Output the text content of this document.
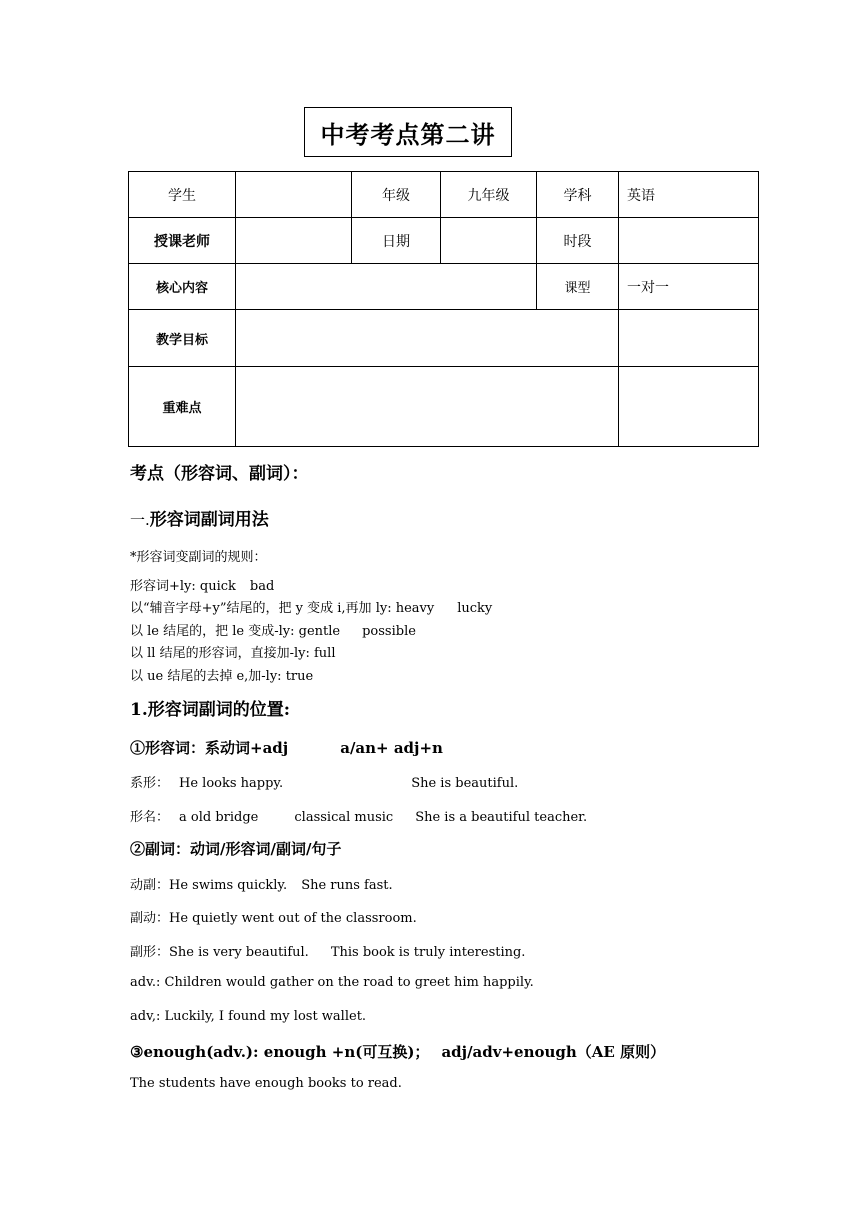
中考考点第二讲
学生		年级	九年级	学科	英语
授课老师		日期		时段	
核心内容				课型	一对一
教学目标					
重难点					
考点（形容词、副词）：
一.形容词副词用法
*形容词变副词的规则：
形容词+ly: quick bad
以“辅音字母+y”结尾的，把 y 变成 i,再加 ly: heavy lucky
以 le 结尾的，把 le 变成-ly: gentle possible
以 ll 结尾的形容词，直接加-ly: full
以 ue 结尾的去掉 e,加-ly: true
1.形容词副词的位置:
①形容词：系动词+adj	a/an+ adj+n
系形： He looks happy.	She is beautiful.
形名： a old bridge	classical music She is a beautiful teacher.
②副词：动词/形容词/副词/句子
动副：He swims quickly. She runs fast.
副动：He quietly went out of the classroom.
副形：She is very beautiful. This book is truly interesting.
adv.: Children would gather on the road to greet him happily.
adv,: Luckily, I found my lost wallet.
③enough(adv.): enough +n(可互换)； adj/adv+enough（AE 原则）
The students have enough books to read.
